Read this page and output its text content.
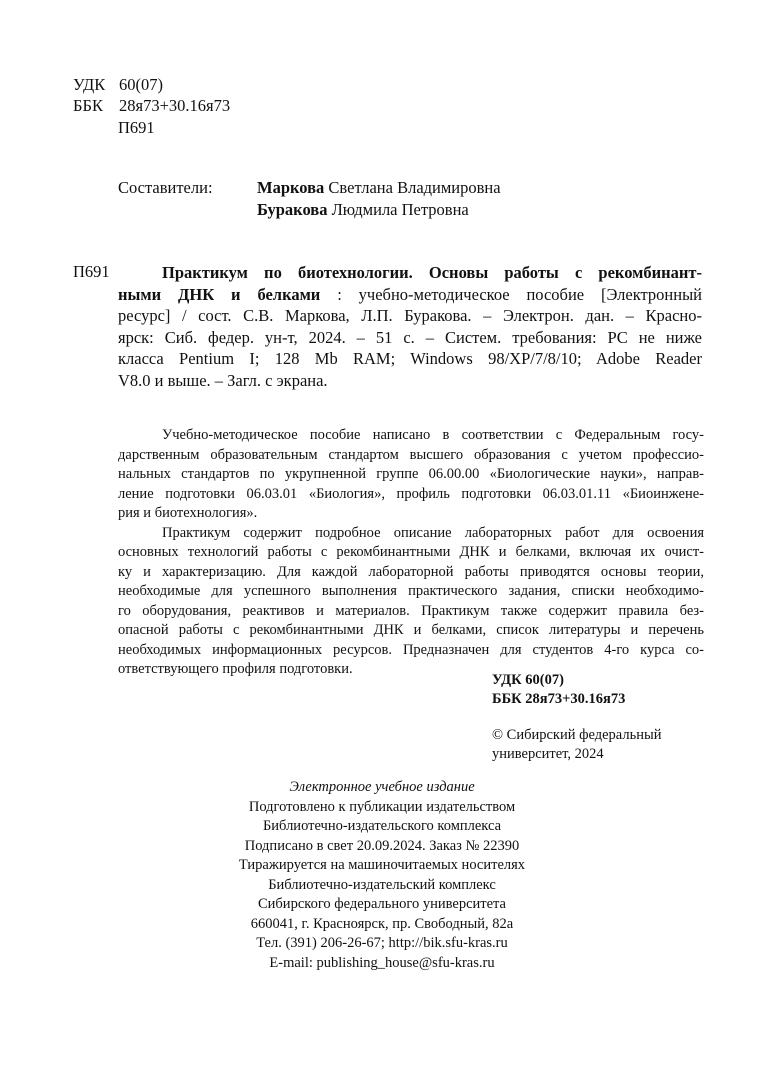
УДК 60(07)
ББК 28я73+30.16я73
П691
Составители:	Маркова Светлана Владимировна
Буракова Людмила Петровна
П691	Практикум по биотехнологии. Основы работы с рекомбинант-
ными ДНК и белками : учебно-методическое пособие [Электронный
ресурс] / сост. С.В. Маркова, Л.П. Буракова. – Электрон. дан. – Красно-
ярск: Сиб. федер. ун-т, 2024. – 51 с. – Систем. требования: PC не ниже
класса Pentium I; 128 Mb RAM; Windows 98/XP/7/8/10; Adobe Reader
V8.0 и выше. – Загл. с экрана.
Учебно-методическое пособие написано в соответствии с Федеральным госу-
дарственным образовательным стандартом высшего образования с учетом профессио-
нальных стандартов по укрупненной группе 06.00.00 «Биологические науки», направ-
ление подготовки 06.03.01 «Биология», профиль подготовки 06.03.01.11 «Биоинжене-
рия и биотехнология».
Практикум содержит подробное описание лабораторных работ для освоения
основных технологий работы с рекомбинантными ДНК и белками, включая их очист-
ку и характеризацию. Для каждой лабораторной работы приводятся основы теории,
необходимые для успешного выполнения практического задания, списки необходимо-
го оборудования, реактивов и материалов. Практикум также содержит правила без-
опасной работы с рекомбинантными ДНК и белками, список литературы и перечень
необходимых информационных ресурсов. Предназначен для студентов 4-го курса со-
ответствующего профиля подготовки.
УДК 60(07)
ББК 28я73+30.16я73
© Сибирский федеральный
университет, 2024
Электронное учебное издание
Подготовлено к публикации издательством
Библиотечно-издательского комплекса
Подписано в свет 20.09.2024. Заказ № 22390
Тиражируется на машиночитаемых носителях
Библиотечно-издательский комплекс
Сибирского федерального университета
660041, г. Красноярск, пр. Свободный, 82а
Тел. (391) 206-26-67; http://bik.sfu-kras.ru
E-mail: publishing_house@sfu-kras.ru
